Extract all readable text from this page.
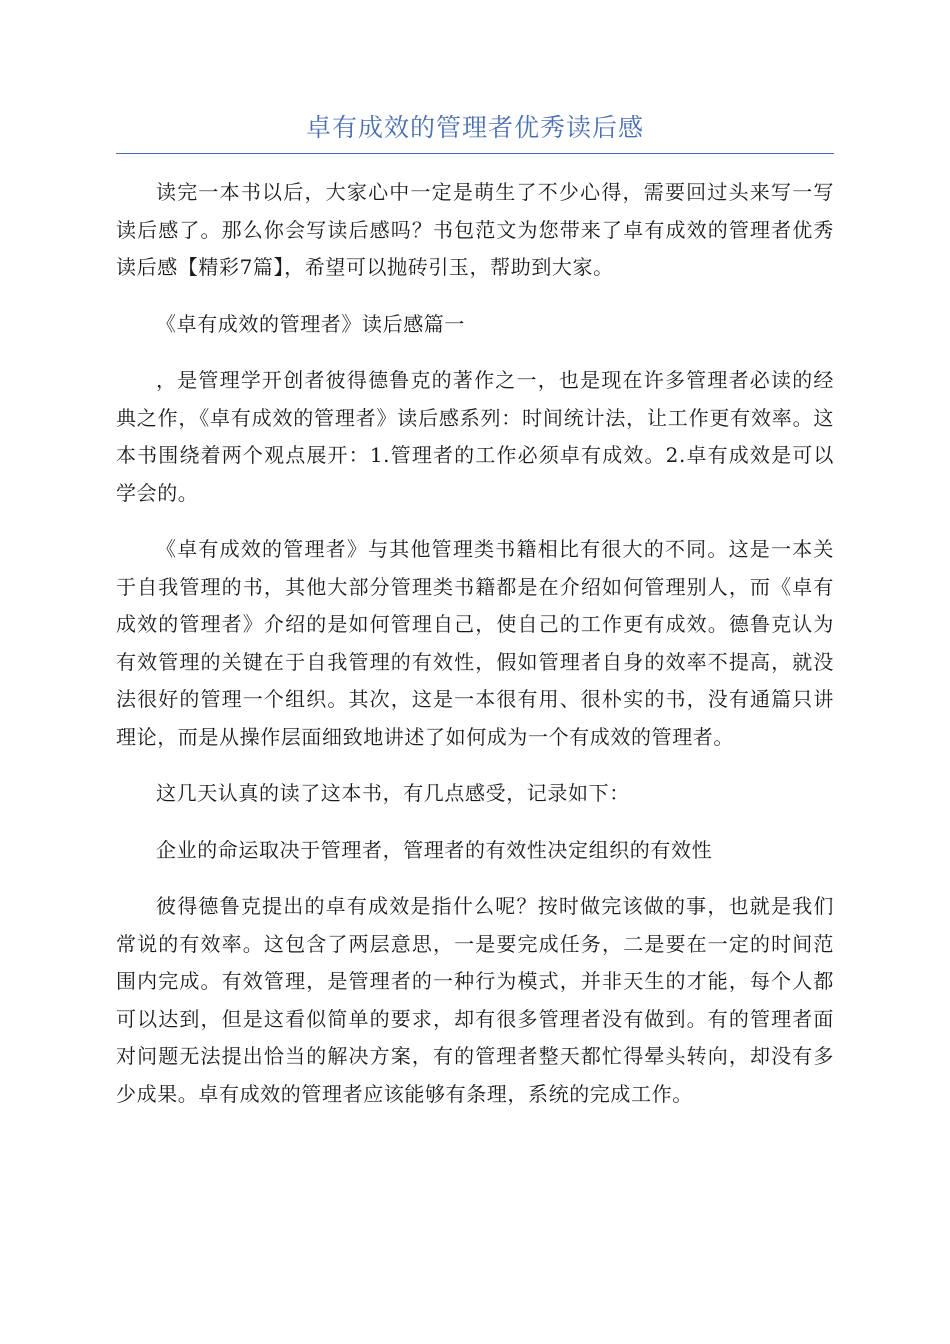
卓有成效的管理者优秀读后感

读完一本书以后，大家心中一定是萌生了不少心得，需要回过头来写一写读后感了。那么你会写读后感吗？书包范文为您带来了卓有成效的管理者优秀读后感【精彩7篇】，希望可以抛砖引玉，帮助到大家。

《卓有成效的管理者》读后感篇一

，是管理学开创者彼得德鲁克的著作之一，也是现在许多管理者必读的经典之作，《卓有成效的管理者》读后感系列：时间统计法，让工作更有效率。这本书围绕着两个观点展开：1.管理者的工作必须卓有成效。2.卓有成效是可以学会的。

《卓有成效的管理者》与其他管理类书籍相比有很大的不同。这是一本关于自我管理的书，其他大部分管理类书籍都是在介绍如何管理别人，而《卓有成效的管理者》介绍的是如何管理自己，使自己的工作更有成效。德鲁克认为有效管理的关键在于自我管理的有效性，假如管理者自身的效率不提高，就没法很好的管理一个组织。其次，这是一本很有用、很朴实的书，没有通篇只讲理论，而是从操作层面细致地讲述了如何成为一个有成效的管理者。

这几天认真的读了这本书，有几点感受，记录如下：

企业的命运取决于管理者，管理者的有效性决定组织的有效性

彼得德鲁克提出的卓有成效是指什么呢？按时做完该做的事，也就是我们常说的有效率。这包含了两层意思，一是要完成任务，二是要在一定的时间范围内完成。有效管理，是管理者的一种行为模式，并非天生的才能，每个人都可以达到，但是这看似简单的要求，却有很多管理者没有做到。有的管理者面对问题无法提出恰当的解决方案，有的管理者整天都忙得晕头转向，却没有多少成果。卓有成效的管理者应该能够有条理，系统的完成工作。
